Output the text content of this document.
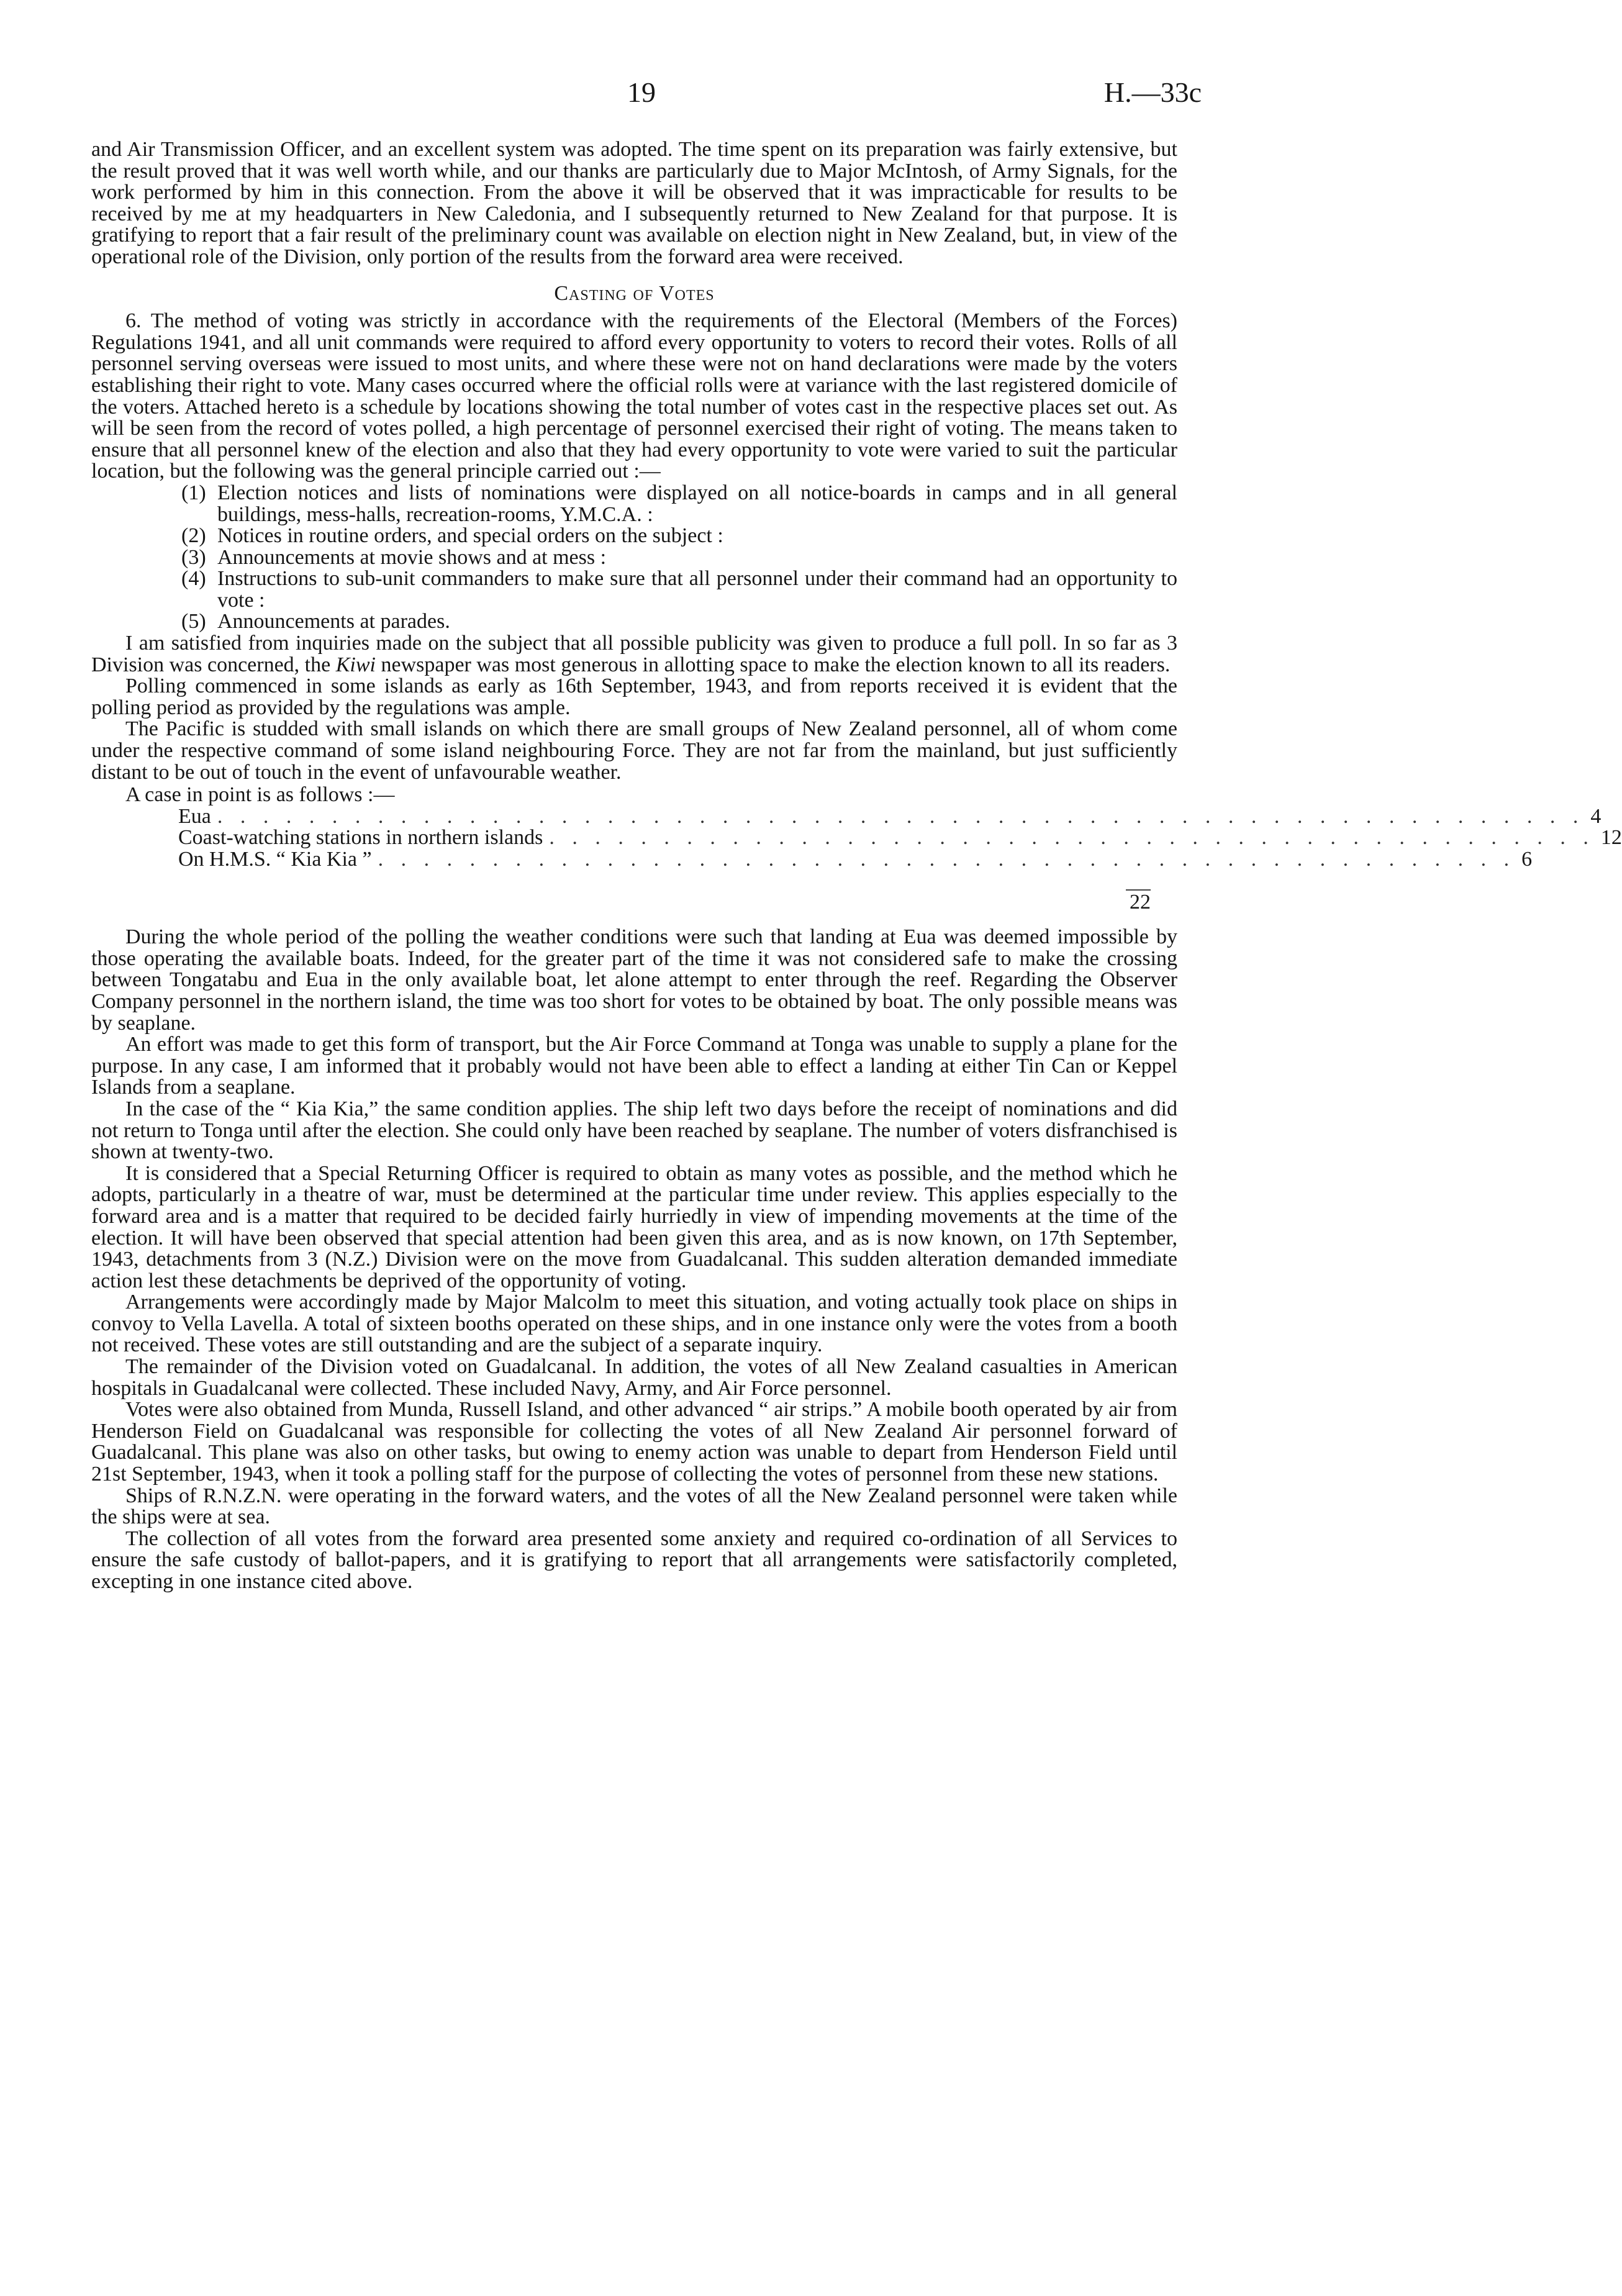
19	H.—33c

and Air Transmission Officer, and an excellent system was adopted. The time spent on its preparation was fairly extensive, but the result proved that it was well worth while, and our thanks are particularly due to Major McIntosh, of Army Signals, for the work performed by him in this connection. From the above it will be observed that it was impracticable for results to be received by me at my headquarters in New Caledonia, and I subsequently returned to New Zealand for that purpose. It is gratifying to report that a fair result of the preliminary count was available on election night in New Zealand, but, in view of the operational role of the Division, only portion of the results from the forward area were received.

Casting of Votes

6. The method of voting was strictly in accordance with the requirements of the Electoral (Members of the Forces) Regulations 1941, and all unit commands were required to afford every opportunity to voters to record their votes. Rolls of all personnel serving overseas were issued to most units, and where these were not on hand declarations were made by the voters establishing their right to vote. Many cases occurred where the official rolls were at variance with the last registered domicile of the voters. Attached hereto is a schedule by locations showing the total number of votes cast in the respective places set out. As will be seen from the record of votes polled, a high percentage of personnel exercised their right of voting. The means taken to ensure that all personnel knew of the election and also that they had every opportunity to vote were varied to suit the particular location, but the following was the general principle carried out :—

(1) Election notices and lists of nominations were displayed on all notice-boards in camps and in all general buildings, mess-halls, recreation-rooms, Y.M.C.A. :
(2) Notices in routine orders, and special orders on the subject :
(3) Announcements at movie shows and at mess :
(4) Instructions to sub-unit commanders to make sure that all personnel under their command had an opportunity to vote :
(5) Announcements at parades.

I am satisfied from inquiries made on the subject that all possible publicity was given to produce a full poll. In so far as 3 Division was concerned, the Kiwi newspaper was most generous in allotting space to make the election known to all its readers.

Polling commenced in some islands as early as 16th September, 1943, and from reports received it is evident that the polling period as provided by the regulations was ample.

The Pacific is studded with small islands on which there are small groups of New Zealand personnel, all of whom come under the respective command of some island neighbouring Force. They are not far from the mainland, but just sufficiently distant to be out of touch in the event of unfavourable weather.

A case in point is as follows :—

Eua . . . . . . . . . . . . . . . . . . . . . . . . . . . . . . . . . . . . . . . . . . . . . . . . . . . . . . . . . . . . 4
Coast-watching stations in northern islands . . . . . . . . . . . . . . . . . . . . . . . . . . . . . . . . . . . . . . . . . . . . . . 12
On H.M.S. “ Kia Kia ” . . . . . . . . . . . . . . . . . . . . . . . . . . . . . . . . . . . . . . . . . . . . . . . . . . 6
22

During the whole period of the polling the weather conditions were such that landing at Eua was deemed impossible by those operating the available boats. Indeed, for the greater part of the time it was not considered safe to make the crossing between Tongatabu and Eua in the only available boat, let alone attempt to enter through the reef. Regarding the Observer Company personnel in the northern island, the time was too short for votes to be obtained by boat. The only possible means was by seaplane.

An effort was made to get this form of transport, but the Air Force Command at Tonga was unable to supply a plane for the purpose. In any case, I am informed that it probably would not have been able to effect a landing at either Tin Can or Keppel Islands from a seaplane.

In the case of the “ Kia Kia,” the same condition applies. The ship left two days before the receipt of nominations and did not return to Tonga until after the election. She could only have been reached by seaplane. The number of voters disfranchised is shown at twenty-two.

It is considered that a Special Returning Officer is required to obtain as many votes as possible, and the method which he adopts, particularly in a theatre of war, must be determined at the particular time under review. This applies especially to the forward area and is a matter that required to be decided fairly hurriedly in view of impending movements at the time of the election. It will have been observed that special attention had been given this area, and as is now known, on 17th September, 1943, detachments from 3 (N.Z.) Division were on the move from Guadalcanal. This sudden alteration demanded immediate action lest these detachments be deprived of the opportunity of voting.

Arrangements were accordingly made by Major Malcolm to meet this situation, and voting actually took place on ships in convoy to Vella Lavella. A total of sixteen booths operated on these ships, and in one instance only were the votes from a booth not received. These votes are still outstanding and are the subject of a separate inquiry.

The remainder of the Division voted on Guadalcanal. In addition, the votes of all New Zealand casualties in American hospitals in Guadalcanal were collected. These included Navy, Army, and Air Force personnel.

Votes were also obtained from Munda, Russell Island, and other advanced “ air strips.” A mobile booth operated by air from Henderson Field on Guadalcanal was responsible for collecting the votes of all New Zealand Air personnel forward of Guadalcanal. This plane was also on other tasks, but owing to enemy action was unable to depart from Henderson Field until 21st September, 1943, when it took a polling staff for the purpose of collecting the votes of personnel from these new stations.

Ships of R.N.Z.N. were operating in the forward waters, and the votes of all the New Zealand personnel were taken while the ships were at sea.

The collection of all votes from the forward area presented some anxiety and required co-ordination of all Services to ensure the safe custody of ballot-papers, and it is gratifying to report that all arrangements were satisfactorily completed, excepting in one instance cited above.
